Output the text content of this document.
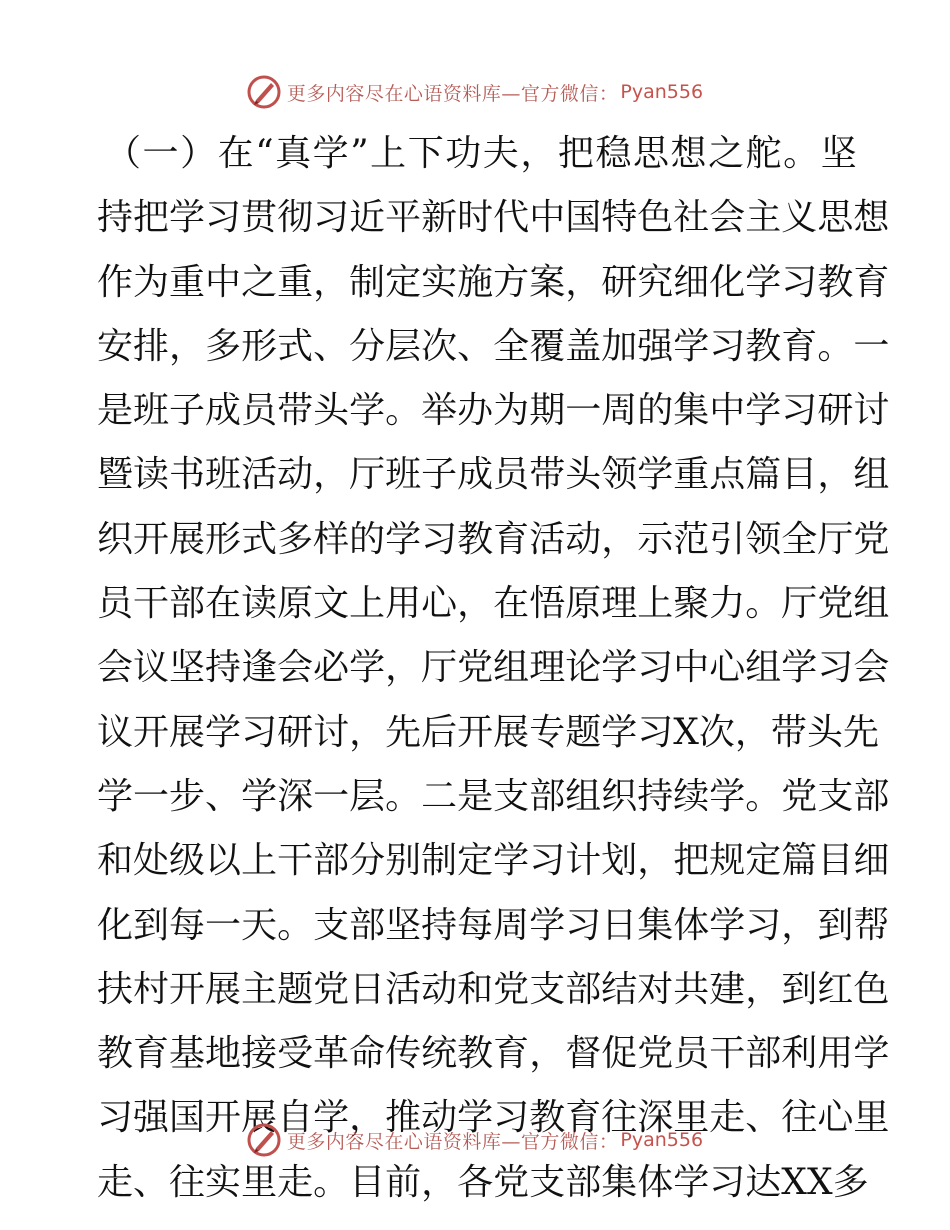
更多内容尽在心语资料库—官方微信： Pyan556
（ 一 ） 在 “ 真 学 ” 上 下 功 夫 ， 把 稳 思 想 之 舵 。 坚
持 把 学 习 贯 彻 习 近 平 新 时 代 中 国 特 色 社 会 主 义 思 想
作 为 重 中 之 重 ， 制 定 实 施 方 案 ， 研 究 细 化 学 习 教 育
安 排 ， 多 形 式 、 分 层 次 、 全 覆 盖 加 强 学 习 教 育 。 一
是 班 子 成 员 带 头 学 。 举 办 为 期 一 周 的 集 中 学 习 研 讨
暨 读 书 班 活 动 ， 厅 班 子 成 员 带 头 领 学 重 点 篇 目 ， 组
织 开 展 形 式 多 样 的 学 习 教 育 活 动 ， 示 范 引 领 全 厅 党
员 干 部 在 读 原 文 上 用 心 ， 在 悟 原 理 上 聚 力 。 厅 党 组
会 议 坚 持 逢 会 必 学 ， 厅 党 组 理 论 学 习 中 心 组 学 习 会
议 开 展 学 习 研 讨 ， 先 后 开 展 专 题 学 习 X 次 ， 带 头 先
学 一 步 、 学 深 一 层 。 二 是 支 部 组 织 持 续 学 。 党 支 部
和 处 级 以 上 干 部 分 别 制 定 学 习 计 划 ， 把 规 定 篇 目 细
化 到 每 一 天 。 支 部 坚 持 每 周 学 习 日 集 体 学 习 ， 到 帮
扶 村 开 展 主 题 党 日 活 动 和 党 支 部 结 对 共 建 ， 到 红 色
教 育 基 地 接 受 革 命 传 统 教 育 ， 督 促 党 员 干 部 利 用 学
习 强 国 开 展 自 学 ， 推 动 学 习 教 育 往 深 里 走 、 往 心 里
走 、 往 实 里 走 。 目 前 ， 各 党 支 部 集 体 学 习 达 X X 多
更多内容尽在心语资料库—官方微信： Pyan556
